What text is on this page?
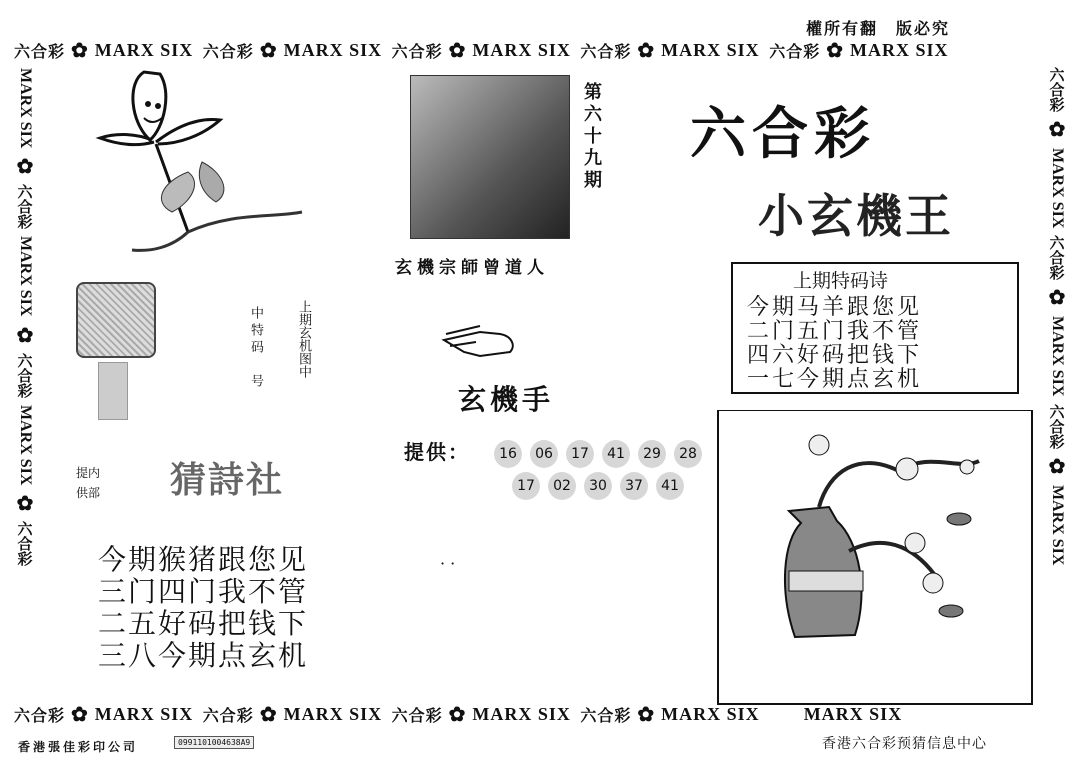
權所有翻　版必究
六合彩 ✿ MARX SIX
六合彩 ✿ MARX SIX
六合彩 ✿ MARX SIX
六合彩 ✿ MARX SIX
六合彩 ✿ MARX SIX
MARX SIX
✿
六合彩
MARX SIX
✿
六合彩
MARX SIX
✿
六合彩
六合彩
✿
MARX SIX
六合彩
✿
MARX SIX
六合彩
✿
MARX SIX
第六十九期
玄機宗師曾道人
六合彩
小玄機王
上期特码诗
今期马羊跟您见
二门五门我不管
四六好码把钱下
一七今期点玄机
上期玄机图中
中特码　号
玄機手
提供：	16	06	17	41	29	28
17	02	30	37	41
· ·
提内
供部 猜詩社
今期猴猪跟您见
三门四门我不管
二五好码把钱下
三八今期点玄机
六合彩 ✿ MARX SIX
六合彩 ✿ MARX SIX
六合彩 ✿ MARX SIX
六合彩 ✿ MARX SIX MARX SIX
香港張佳彩印公司	0991101004638A9	香港六合彩预猜信息中心
